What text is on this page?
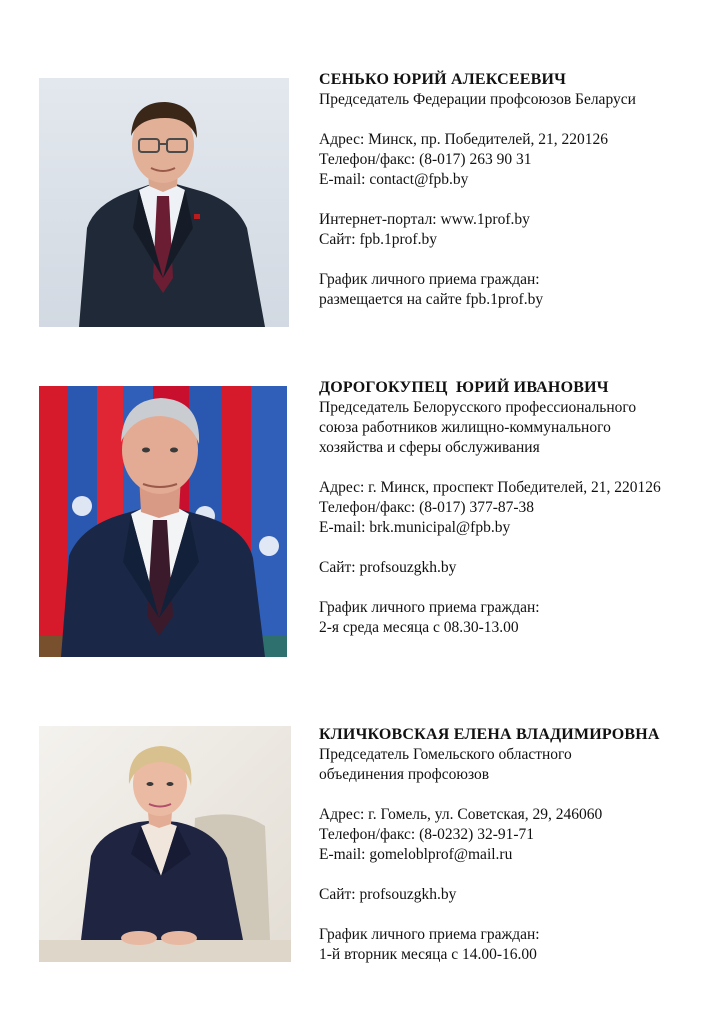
СЕНЬКО ЮРИЙ АЛЕКСЕЕВИЧ
Председатель Федерации профсоюзов Беларуси
Адрес: Минск, пр. Победителей, 21, 220126
Телефон/факс: (8-017) 263 90 31
E-mail: contact@fpb.by
Интернет-портал: www.1prof.by
Сайт: fpb.1prof.by
График личного приема граждан:
размещается на сайте fpb.1prof.by
ДОРОГОКУПЕЦ  ЮРИЙ ИВАНОВИЧ
Председатель Белорусского профессионального
союза работников жилищно-коммунального
хозяйства и сферы обслуживания
Адрес: г. Минск, проспект Победителей, 21, 220126
Телефон/факс: (8-017) 377-87-38
E-mail: brk.municipal@fpb.by
Сайт: profsouzgkh.by
График личного приема граждан:
2-я среда месяца с 08.30-13.00
КЛИЧКОВСКАЯ ЕЛЕНА ВЛАДИМИРОВНА
Председатель Гомельского областного
объединения профсоюзов
Адрес: г. Гомель, ул. Советская, 29, 246060
Телефон/факс: (8-0232) 32-91-71
E-mail: gomeloblprof@mail.ru
Сайт: profsouzgkh.by
График личного приема граждан:
1-й вторник месяца с 14.00-16.00
